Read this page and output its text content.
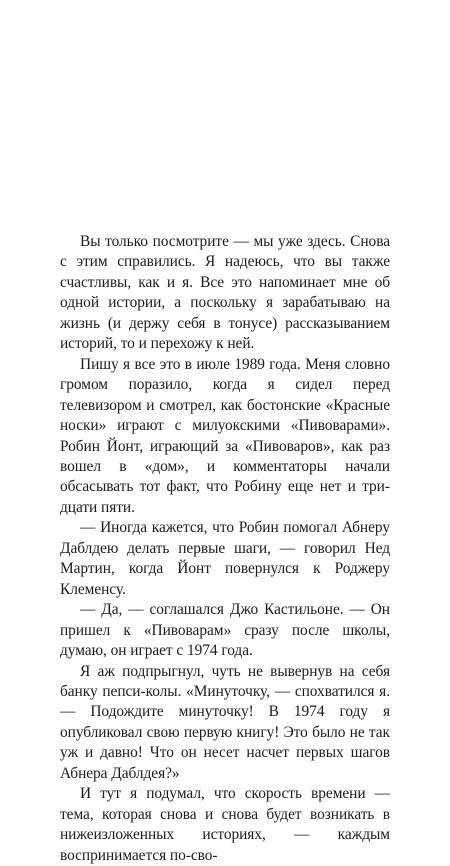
Вы только посмотрите — мы уже здесь. Снова с этим справились. Я надеюсь, что вы также счастливы, как и я. Все это напоминает мне об одной истории, а поскольку я зарабатываю на жизнь (и держу себя в тонусе) рассказыванием историй, то и перехожу к ней.

Пишу я все это в июле 1989 года. Меня словно громом поразило, когда я сидел перед телевизором и смотрел, как бостонские «Красные носки» играют с милуокскими «Пивоварами». Робин Йонт, играющий за «Пивоваров», как раз вошел в «дом», и комментаторы начали обсасывать тот факт, что Робину еще нет и тридцати пяти.

— Иногда кажется, что Робин помогал Абнеру Даблдею делать первые шаги, — говорил Нед Мартин, когда Йонт повернулся к Роджеру Клеменсу.

— Да, — соглашался Джо Кастильоне. — Он пришел к «Пивоварам» сразу после школы, думаю, он играет с 1974 года.

Я аж подпрыгнул, чуть не вывернув на себя банку пепси-колы. «Минуточку, — спохватился я. — Подождите минуточку! В 1974 году я опубликовал свою первую книгу! Это было не так уж и давно! Что он несет насчет первых шагов Абнера Даблдея?»

И тут я подумал, что скорость времени — тема, которая снова и снова будет возникать в нижеизложенных историях, — каждым воспринимается по-сво-
